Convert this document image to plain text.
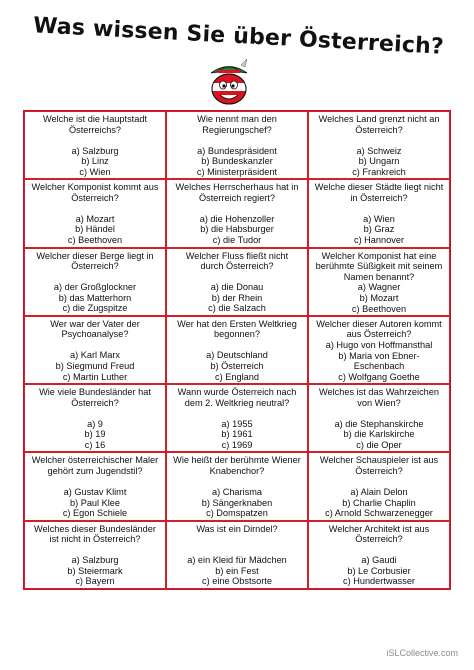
Was wissen Sie über Österreich?
Welche ist die Hauptstadt
Österreichs?
a) Salzburg
b) Linz
c) Wien
Wie nennt man den
Regierungschef?
a) Bundespräsident
b) Bundeskanzler
c) Ministerpräsident
Welches Land grenzt nicht an
Österreich?
a) Schweiz
b) Ungarn
c) Frankreich
Welcher Komponist kommt aus
Österreich?
a) Mozart
b) Händel
c) Beethoven
Welches Herrscherhaus hat in
Österreich regiert?
a) die Hohenzoller
b) die Habsburger
c) die Tudor
Welche dieser Städte liegt nicht
in Österreich?
a) Wien
b) Graz
c) Hannover
Welcher dieser Berge liegt in
Österreich?
a) der Großglockner
b) das Matterhorn
c) die Zugspitze
Welcher Fluss fließt nicht
durch Österreich?
a) die Donau
b) der Rhein
c) die Salzach
Welcher Komponist hat eine
berühmte Süßigkeit mit seinem
Namen benannt?
a) Wagner
b) Mozart
c) Beethoven
Wer war der Vater der
Psychoanalyse?
a) Karl Marx
b) Siegmund Freud
c) Martin Luther
Wer hat den Ersten Weltkrieg
begonnen?
a) Deutschland
b) Österreich
c) England
Welcher dieser Autoren kommt
aus Österreich?
a) Hugo von Hoffmansthal
b) Maria von Ebner-
Eschenbach
c) Wolfgang Goethe
Wie viele Bundesländer hat
Österreich?
a) 9
b) 19
c) 16
Wann wurde Österreich nach
dem 2. Weltkrieg neutral?
a) 1955
b) 1961
c) 1969
Welches ist das Wahrzeichen
von Wien?
a) die Stephanskirche
b) die Karlskirche
c) die Oper
Welcher österreichischer Maler
gehört zum Jugendstil?
a) Gustav Klimt
b) Paul Klee
c) Egon Schiele
Wie heißt der berühmte Wiener
Knabenchor?
a) Charisma
b) Sängerknaben
c) Domspatzen
Welcher Schauspieler ist aus
Österreich?
a) Alain Delon
b) Charlie Chaplin
c) Arnold Schwarzenegger
Welches dieser Bundesländer
ist nicht in Österreich?
a) Salzburg
b) Steiermark
c) Bayern
Was ist ein Dirndel?
a) ein Kleid für Mädchen
b) ein Fest
c) eine Obstsorte
Welcher Architekt ist aus
Österreich?
a) Gaudi
b) Le Corbusier
c) Hundertwasser
iSLCollective.com
